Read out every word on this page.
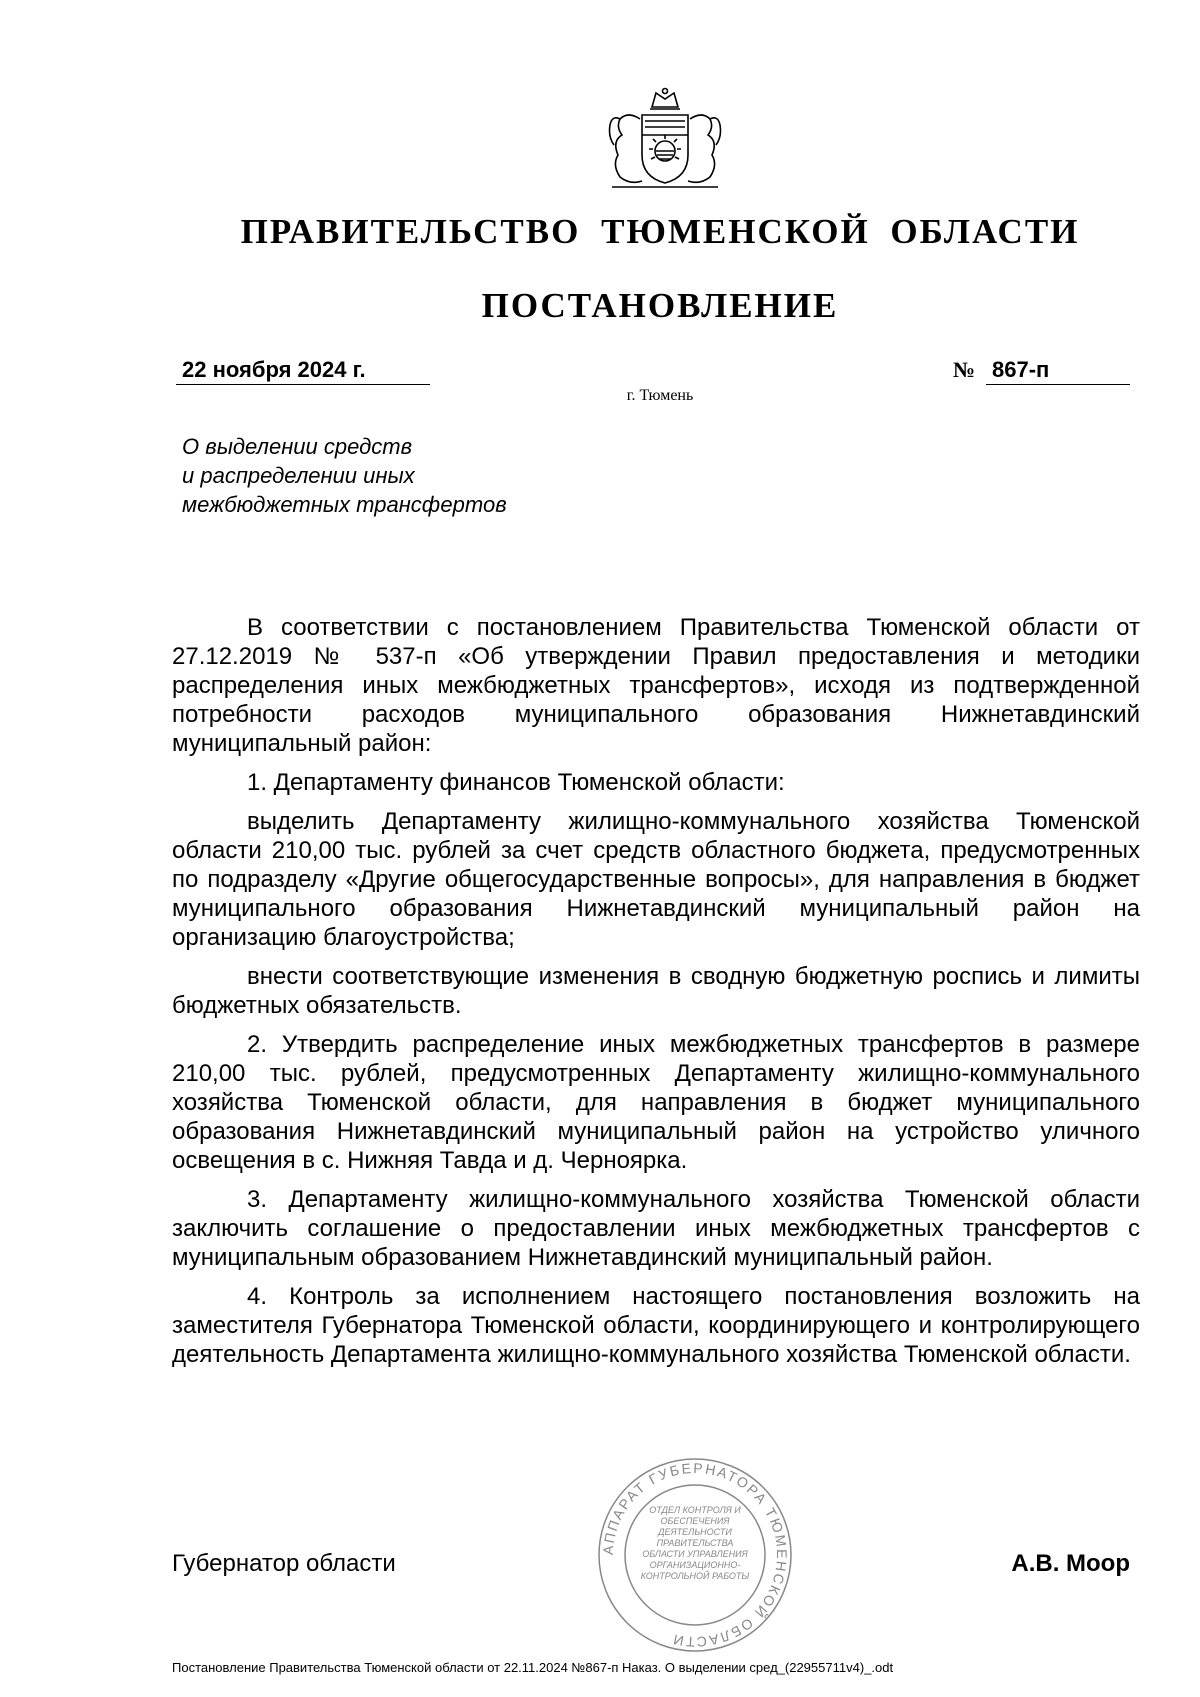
ПРАВИТЕЛЬСТВО ТЮМЕНСКОЙ ОБЛАСТИ
ПОСТАНОВЛЕНИЕ
22 ноября 2024 г.	№ 867-п
г. Тюмень
О выделении средств
и распределении иных
межбюджетных трансфертов

В соответствии с постановлением Правительства Тюменской области от 27.12.2019 № 537-п «Об утверждении Правил предоставления и методики распределения иных межбюджетных трансфертов», исходя из подтвержденной потребности расходов муниципального образования Нижнетавдинский муниципальный район:

1. Департаменту финансов Тюменской области:

выделить Департаменту жилищно-коммунального хозяйства Тюменской области 210,00 тыс. рублей за счет средств областного бюджета, предусмотренных по подразделу «Другие общегосударственные вопросы», для направления в бюджет муниципального образования Нижнетавдинский муниципальный район на организацию благоустройства;

внести соответствующие изменения в сводную бюджетную роспись и лимиты бюджетных обязательств.

2. Утвердить распределение иных межбюджетных трансфертов в размере 210,00 тыс. рублей, предусмотренных Департаменту жилищно-коммунального хозяйства Тюменской области, для направления в бюджет муниципального образования Нижнетавдинский муниципальный район на устройство уличного освещения в с. Нижняя Тавда и д. Черноярка.

3. Департаменту жилищно-коммунального хозяйства Тюменской области заключить соглашение о предоставлении иных межбюджетных трансфертов с муниципальным образованием Нижнетавдинский муниципальный район.

4. Контроль за исполнением настоящего постановления возложить на заместителя Губернатора Тюменской области, координирующего и контролирующего деятельность Департамента жилищно-коммунального хозяйства Тюменской области.

Губернатор области
АППАРАТ ГУБЕРНАТОРА ТЮМЕНСКОЙ ОБЛАСТИ
ОТДЕЛ КОНТРОЛЯ И ОБЕСПЕЧЕНИЯ ДЕЯТЕЛЬНОСТИ ПРАВИТЕЛЬСТВА ОБЛАСТИ УПРАВЛЕНИЯ ОРГАНИЗАЦИОННО-КОНТРОЛЬНОЙ РАБОТЫ	А.В. Моор
Постановление Правительства Тюменской области от 22.11.2024 №867-п Наказ. О выделении сред_(22955711v4)_.odt
